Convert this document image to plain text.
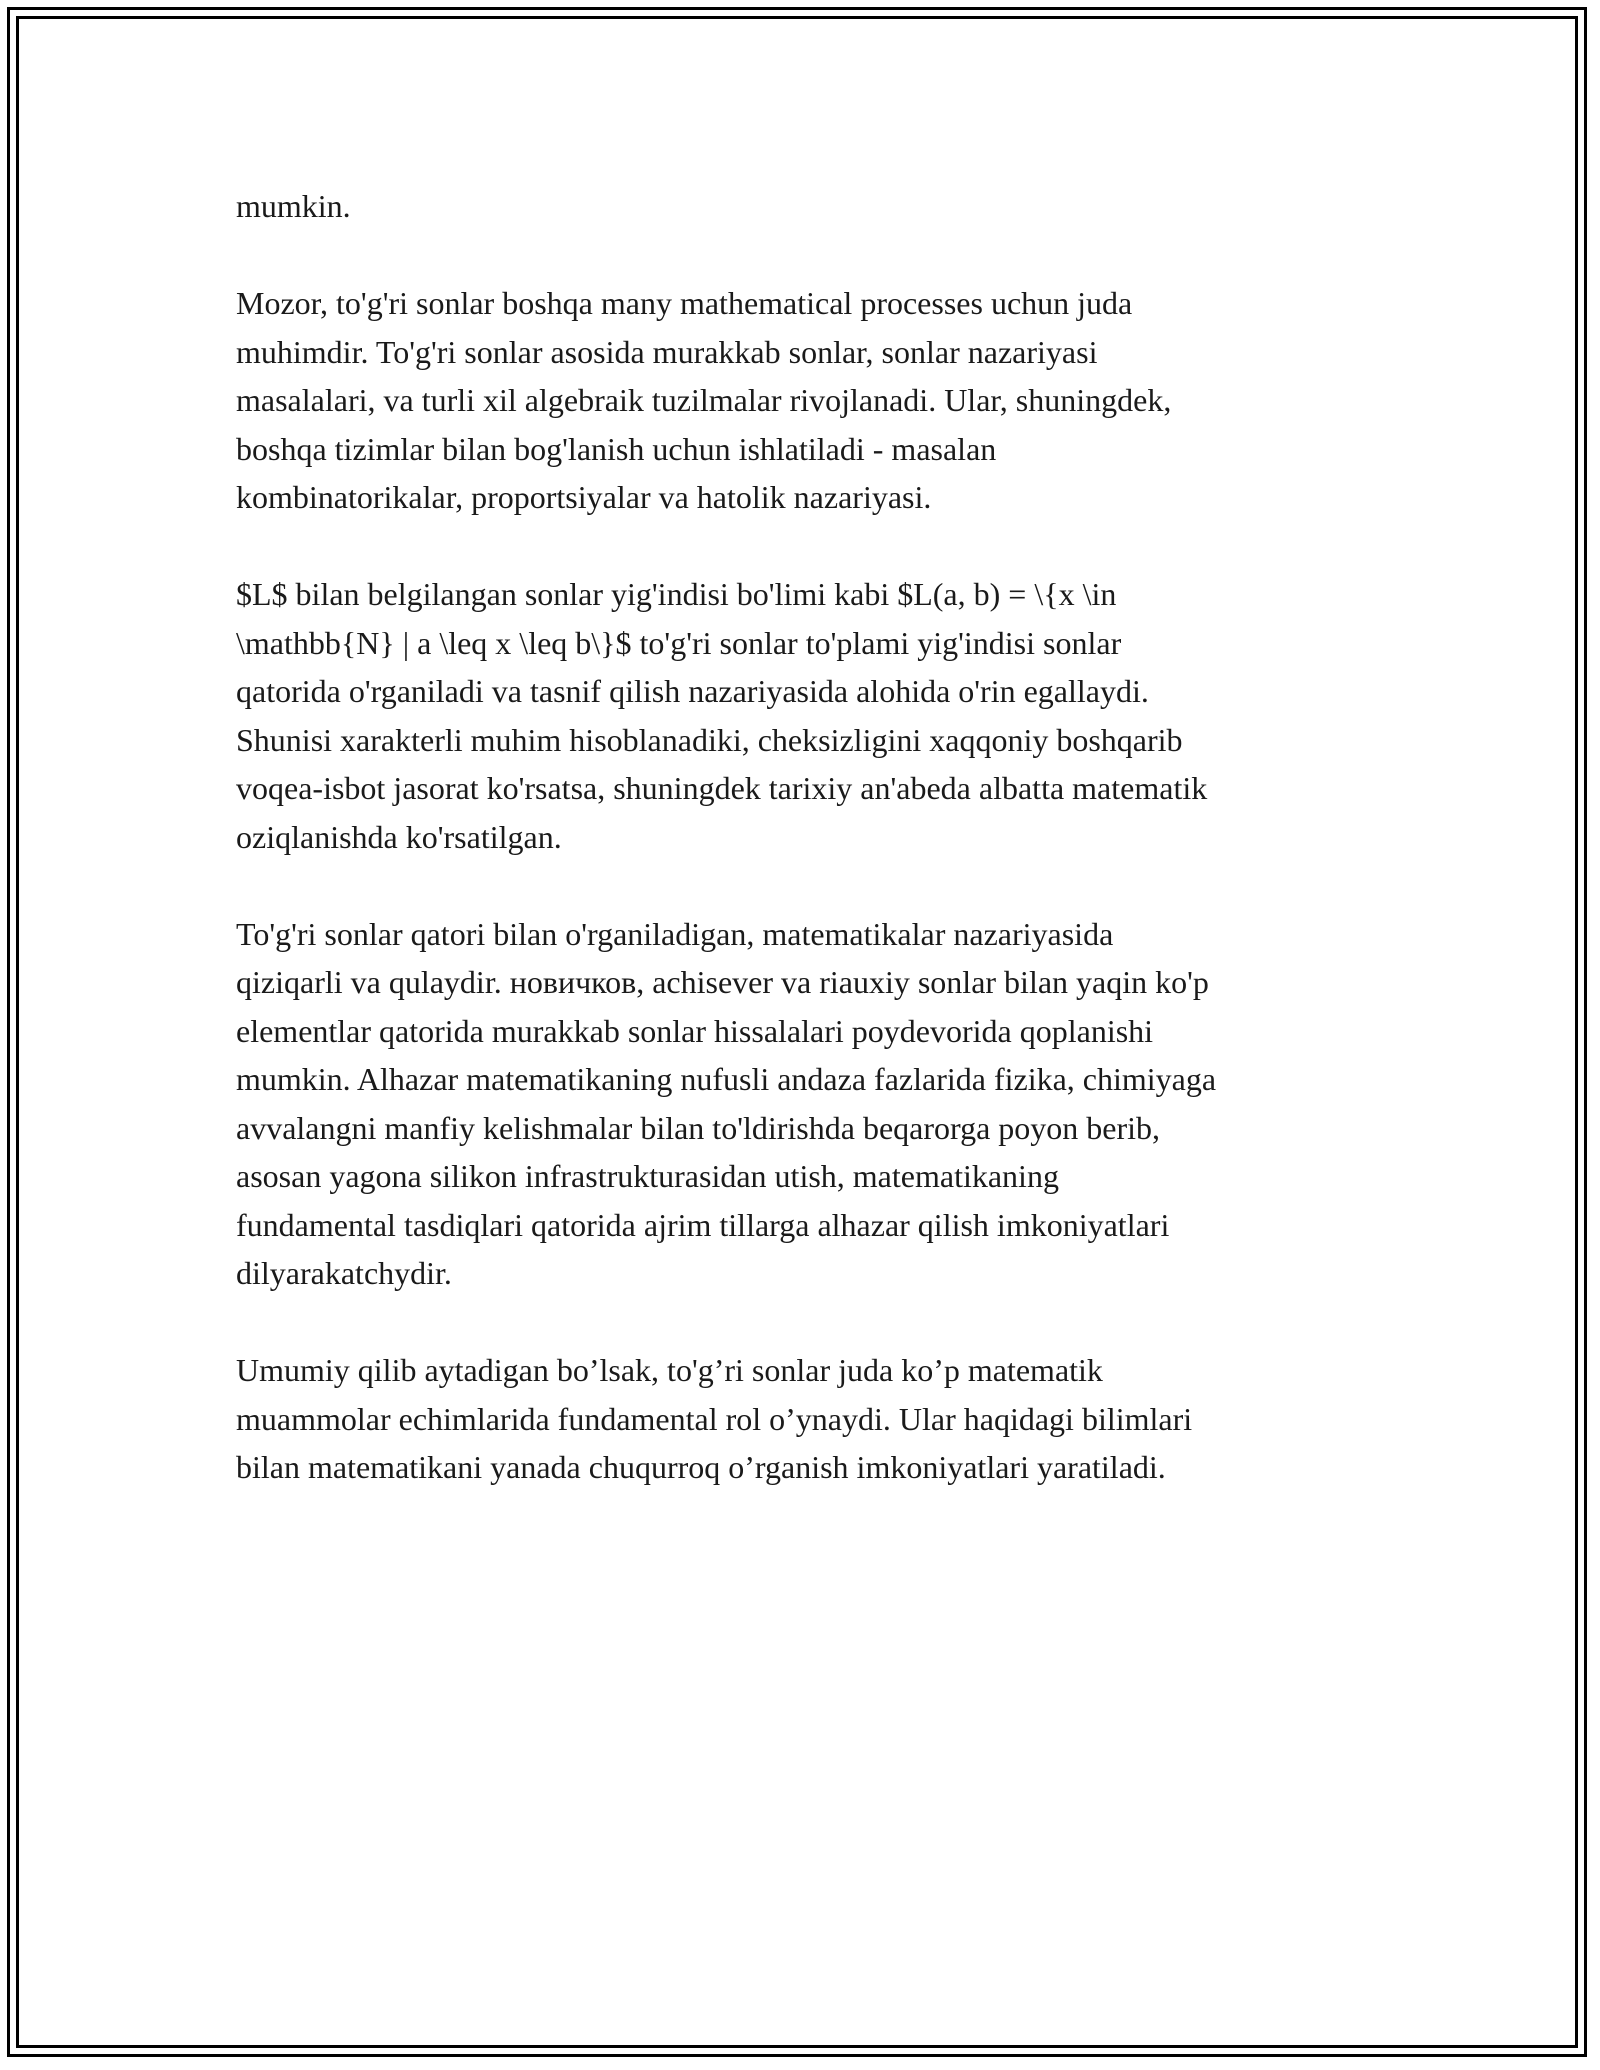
mumkin.

Mozor, to'g'ri sonlar boshqa many mathematical processes uchun juda
muhimdir. To'g'ri sonlar asosida murakkab sonlar, sonlar nazariyasi
masalalari, va turli xil algebraik tuzilmalar rivojlanadi. Ular, shuningdek,
boshqa tizimlar bilan bog'lanish uchun ishlatiladi - masalan
kombinatorikalar, proportsiyalar va hatolik nazariyasi.

$L$ bilan belgilangan sonlar yig'indisi bo'limi kabi $L(a, b) = \{x \in
\mathbb{N} | a \leq x \leq b\}$ to'g'ri sonlar to'plami yig'indisi sonlar
qatorida o'rganiladi va tasnif qilish nazariyasida alohida o'rin egallaydi.
Shunisi xarakterli muhim hisoblanadiki, cheksizligini xaqqoniy boshqarib
voqea-isbot jasorat ko'rsatsa, shuningdek tarixiy an'abeda albatta matematik
oziqlanishda ko'rsatilgan.

To'g'ri sonlar qatori bilan o'rganiladigan, matematikalar nazariyasida
qiziqarli va qulaydir. новичков, achisever va riauxiy sonlar bilan yaqin ko'p
elementlar qatorida murakkab sonlar hissalalari poydevorida qoplanishi
mumkin. Alhazar matematikaning nufusli andaza fazlarida fizika, chimiyaga
avvalangni manfiy kelishmalar bilan to'ldirishda beqarorga poyon berib,
asosan yagona silikon infrastrukturasidan utish, matematikaning
fundamental tasdiqlari qatorida ajrim tillarga alhazar qilish imkoniyatlari
dilyarakatchydir.

Umumiy qilib aytadigan bo’lsak, to'g’ri sonlar juda ko’p matematik
muammolar echimlarida fundamental rol o’ynaydi. Ular haqidagi bilimlari
bilan matematikani yanada chuqurroq o’rganish imkoniyatlari yaratiladi.
